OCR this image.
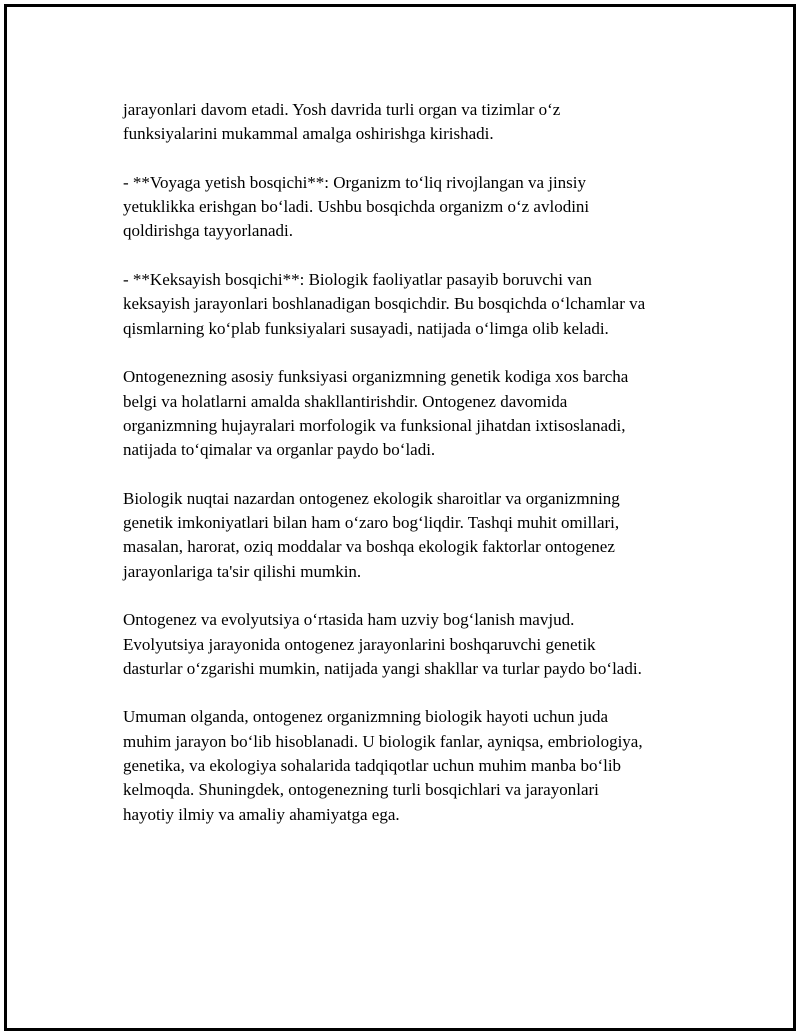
jarayonlari davom etadi. Yosh davrida turli organ va tizimlar o‘z
funksiyalarini mukammal amalga oshirishga kirishadi.

- **Voyaga yetish bosqichi**: Organizm to‘liq rivojlangan va jinsiy
yetuklikka erishgan bo‘ladi. Ushbu bosqichda organizm o‘z avlodini
qoldirishga tayyorlanadi.

- **Keksayish bosqichi**: Biologik faoliyatlar pasayib boruvchi van
keksayish jarayonlari boshlanadigan bosqichdir. Bu bosqichda o‘lchamlar va
qismlarning ko‘plab funksiyalari susayadi, natijada o‘limga olib keladi.

Ontogenezning asosiy funksiyasi organizmning genetik kodiga xos barcha
belgi va holatlarni amalda shakllantirishdir. Ontogenez davomida
organizmning hujayralari morfologik va funksional jihatdan ixtisoslanadi,
natijada to‘qimalar va organlar paydo bo‘ladi.

Biologik nuqtai nazardan ontogenez ekologik sharoitlar va organizmning
genetik imkoniyatlari bilan ham o‘zaro bog‘liqdir. Tashqi muhit omillari,
masalan, harorat, oziq moddalar va boshqa ekologik faktorlar ontogenez
jarayonlariga ta'sir qilishi mumkin.

Ontogenez va evolyutsiya o‘rtasida ham uzviy bog‘lanish mavjud.
Evolyutsiya jarayonida ontogenez jarayonlarini boshqaruvchi genetik
dasturlar o‘zgarishi mumkin, natijada yangi shakllar va turlar paydo bo‘ladi.

Umuman olganda, ontogenez organizmning biologik hayoti uchun juda
muhim jarayon bo‘lib hisoblanadi. U biologik fanlar, ayniqsa, embriologiya,
genetika, va ekologiya sohalarida tadqiqotlar uchun muhim manba bo‘lib
kelmoqda. Shuningdek, ontogenezning turli bosqichlari va jarayonlari
hayotiy ilmiy va amaliy ahamiyatga ega.
